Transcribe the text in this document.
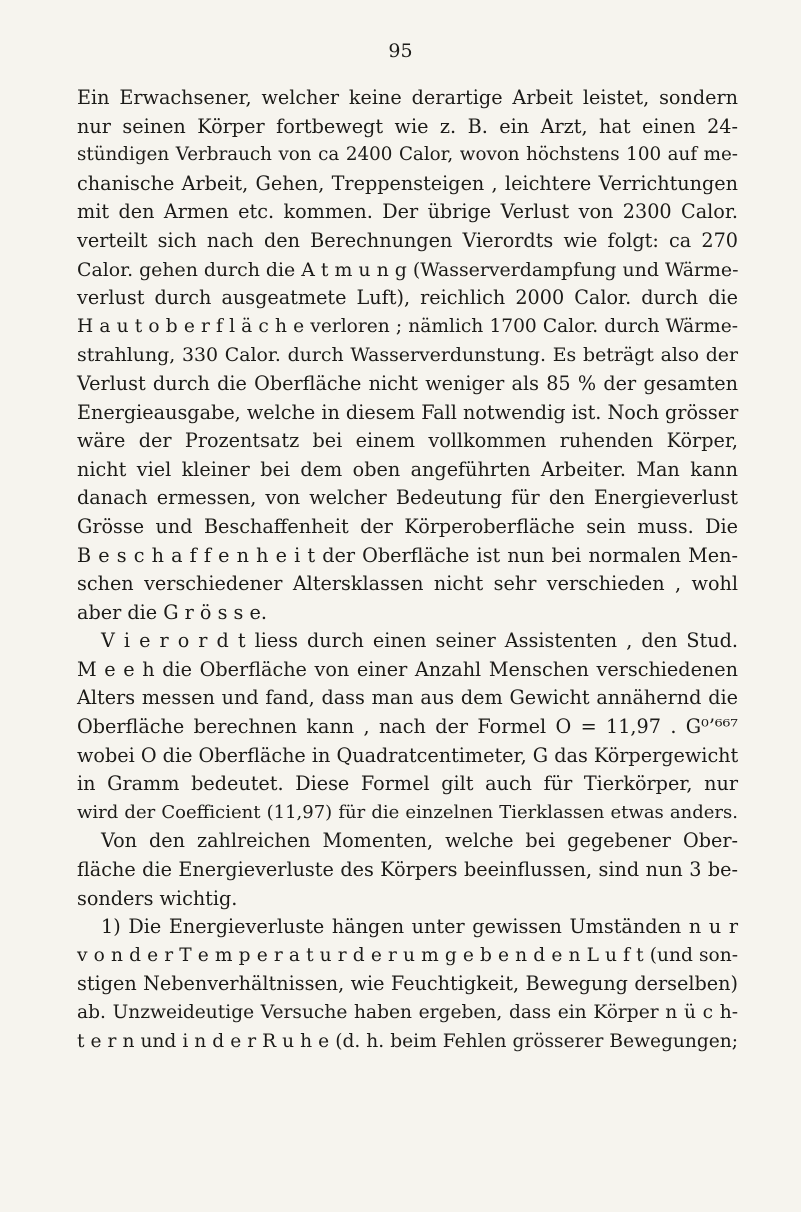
95
Ein Erwachsener, welcher keine derartige Arbeit leistet, sondern
nur seinen Körper fortbewegt wie z. B. ein Arzt, hat einen 24-
stündigen Verbrauch von ca 2400 Calor, wovon höchstens 100 auf me-
chanische Arbeit, Gehen, Treppensteigen , leichtere Verrichtungen
mit den Armen etc. kommen. Der übrige Verlust von 2300 Calor.
verteilt sich nach den Berechnungen Vierordts wie folgt: ca 270
Calor. gehen durch die A t m u n g (Wasserverdampfung und Wärme-
verlust durch ausgeatmete Luft), reichlich 2000 Calor. durch die
H a u t o b e r f l ä c h e verloren ; nämlich 1700 Calor. durch Wärme-
strahlung, 330 Calor. durch Wasserverdunstung. Es beträgt also der
Verlust durch die Oberfläche nicht weniger als 85 % der gesamten
Energieausgabe, welche in diesem Fall notwendig ist. Noch grösser
wäre der Prozentsatz bei einem vollkommen ruhenden Körper,
nicht viel kleiner bei dem oben angeführten Arbeiter. Man kann
danach ermessen, von welcher Bedeutung für den Energieverlust
Grösse und Beschaffenheit der Körperoberfläche sein muss. Die
B e s c h a f f e n h e i t der Oberfläche ist nun bei normalen Men-
schen verschiedener Altersklassen nicht sehr verschieden , wohl
aber die G r ö s s e.
V i e r o r d t liess durch einen seiner Assistenten , den Stud.
M e e h die Oberfläche von einer Anzahl Menschen verschiedenen
Alters messen und fand, dass man aus dem Gewicht annähernd die
Oberfläche berechnen kann , nach der Formel O = 11,97 . G⁰’⁶⁶⁷
wobei O die Oberfläche in Quadratcentimeter, G das Körpergewicht
in Gramm bedeutet. Diese Formel gilt auch für Tierkörper, nur
wird der Coefficient (11,97) für die einzelnen Tierklassen etwas anders.
Von den zahlreichen Momenten, welche bei gegebener Ober-
fläche die Energieverluste des Körpers beeinflussen, sind nun 3 be-
sonders wichtig.
1) Die Energieverluste hängen unter gewissen Umständen n u r
v o n d e r T e m p e r a t u r d e r u m g e b e n d e n L u f t (und son-
stigen Nebenverhältnissen, wie Feuchtigkeit, Bewegung derselben)
ab. Unzweideutige Versuche haben ergeben, dass ein Körper n ü c h-
t e r n und i n d e r R u h e (d. h. beim Fehlen grösserer Bewegungen;
